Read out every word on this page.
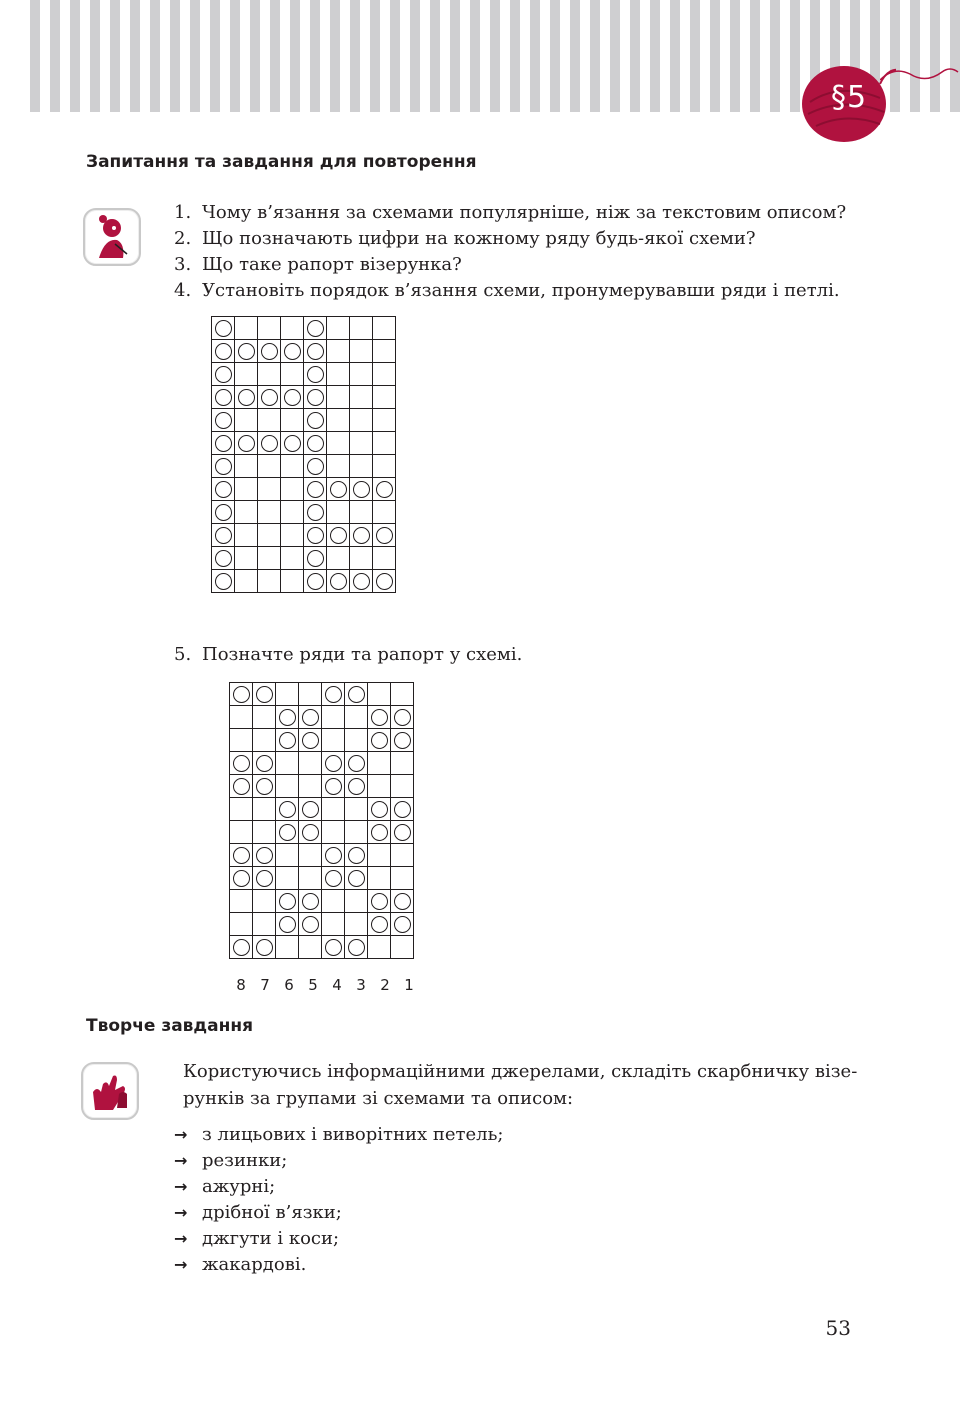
§5
Запитання та завдання для повторення
1. Чому в’язання за схемами популярніше, ніж за текстовим описом?
2. Що позначають цифри на кожному ряду будь-якої схеми?
3. Що таке рапорт візерунка?
4. Установіть порядок в’язання схеми, пронумерувавши ряди і петлі.

5. Позначте ряди та рапорт у схемі.

8 7 6 5 4 3 2 1
Творче завдання

Користуючись інформаційними джерелами, складіть скарбничку візе-
рунків за групами зі схемами та описом:

→ з лицьових і виворітних петель;
→ резинки;
→ ажурні;
→ дрібної в’язки;
→ джгути і коси;
→ жакардові.
53
